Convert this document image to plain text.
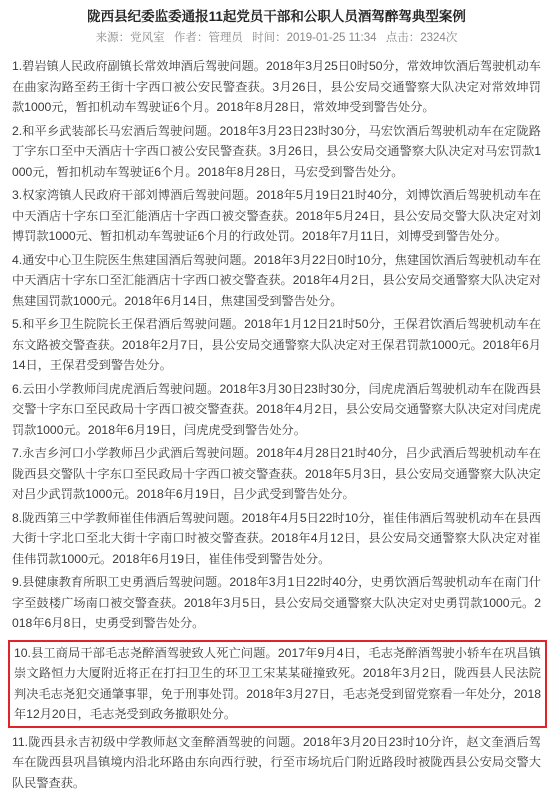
陇西县纪委监委通报11起党员干部和公职人员酒驾醉驾典型案例
来源：党风室 作者：管理员 时间：2019-01-25 11:34 点击：2324次

1.碧岩镇人民政府副镇长常效坤酒后驾驶问题。2018年3月25日0时50分，常效坤饮酒后驾驶机动车在曲家沟路至药王街十字西口被公安民警查获。3月26日，县公安局交通警察大队决定对常效坤罚款1000元，暂扣机动车驾驶证6个月。2018年8月28日，常效坤受到警告处分。

2.和平乡武装部长马宏酒后驾驶问题。2018年3月23日23时30分，马宏饮酒后驾驶机动车在定陇路丁字东口至中天酒店十字西口被公安民警查获。3月26日，县公安局交通警察大队决定对马宏罚款1000元，暂扣机动车驾驶证6个月。2018年8月28日，马宏受到警告处分。

3.权家湾镇人民政府干部刘博酒后驾驶问题。2018年5月19日21时40分，刘博饮酒后驾驶机动车在中天酒店十字东口至汇能酒店十字西口被交警查获。2018年5月24日，县公安局交警大队决定对刘博罚款1000元、暂扣机动车驾驶证6个月的行政处罚。2018年7月11日，刘博受到警告处分。

4.通安中心卫生院医生焦建国酒后驾驶问题。2018年3月22日0时10分，焦建国饮酒后驾驶机动车在中天酒店十字东口至汇能酒店十字西口被交警查获。2018年4月2日，县公安局交通警察大队决定对焦建国罚款1000元。2018年6月14日，焦建国受到警告处分。

5.和平乡卫生院院长王保君酒后驾驶问题。2018年1月12日21时50分，王保君饮酒后驾驶机动车在东文路被交警查获。2018年2月7日，县公安局交通警察大队决定对王保君罚款1000元。2018年6月14日，王保君受到警告处分。

6.云田小学教师闫虎虎酒后驾驶问题。2018年3月30日23时30分，闫虎虎酒后驾驶机动车在陇西县交警十字东口至民政局十字西口被交警查获。2018年4月2日，县公安局交通警察大队决定对闫虎虎罚款1000元。2018年6月19日，闫虎虎受到警告处分。

7.永吉乡河口小学教师吕少武酒后驾驶问题。2018年4月28日21时40分，吕少武酒后驾驶机动车在陇西县交警队十字东口至民政局十字西口被交警查获。2018年5月3日，县公安局交通警察大队决定对吕少武罚款1000元。2018年6月19日，吕少武受到警告处分。

8.陇西第三中学教师崔佳伟酒后驾驶问题。2018年4月5日22时10分，崔佳伟酒后驾驶机动车在县西大街十字北口至北大街十字南口时被交警查获。2018年4月12日，县公安局交通警察大队决定对崔佳伟罚款1000元。2018年6月19日，崔佳伟受到警告处分。

9.县健康教育所职工史勇酒后驾驶问题。2018年3月1日22时40分，史勇饮酒后驾驶机动车在南门什字至鼓楼广场南口被交警查获。2018年3月5日，县公安局交通警察大队决定对史勇罚款1000元。2018年6月8日，史勇受到警告处分。

10.县工商局干部毛志尧醉酒驾驶致人死亡问题。2017年9月4日，毛志尧醉酒驾驶小轿车在巩昌镇崇文路恒力大厦附近将正在打扫卫生的环卫工宋某某碰撞致死。2018年3月2日，陇西县人民法院判决毛志尧犯交通肇事罪，免于刑事处罚。2018年3月27日，毛志尧受到留党察看一年处分，2018年12月20日，毛志尧受到政务撤职处分。

11.陇西县永吉初级中学教师赵文奎醉酒驾驶的问题。2018年3月20日23时10分许，赵文奎酒后驾车在陇西县巩昌镇境内沿北环路由东向西行驶，行至市场坑后门附近路段时被陇西县公安局交警大队民警查获。
